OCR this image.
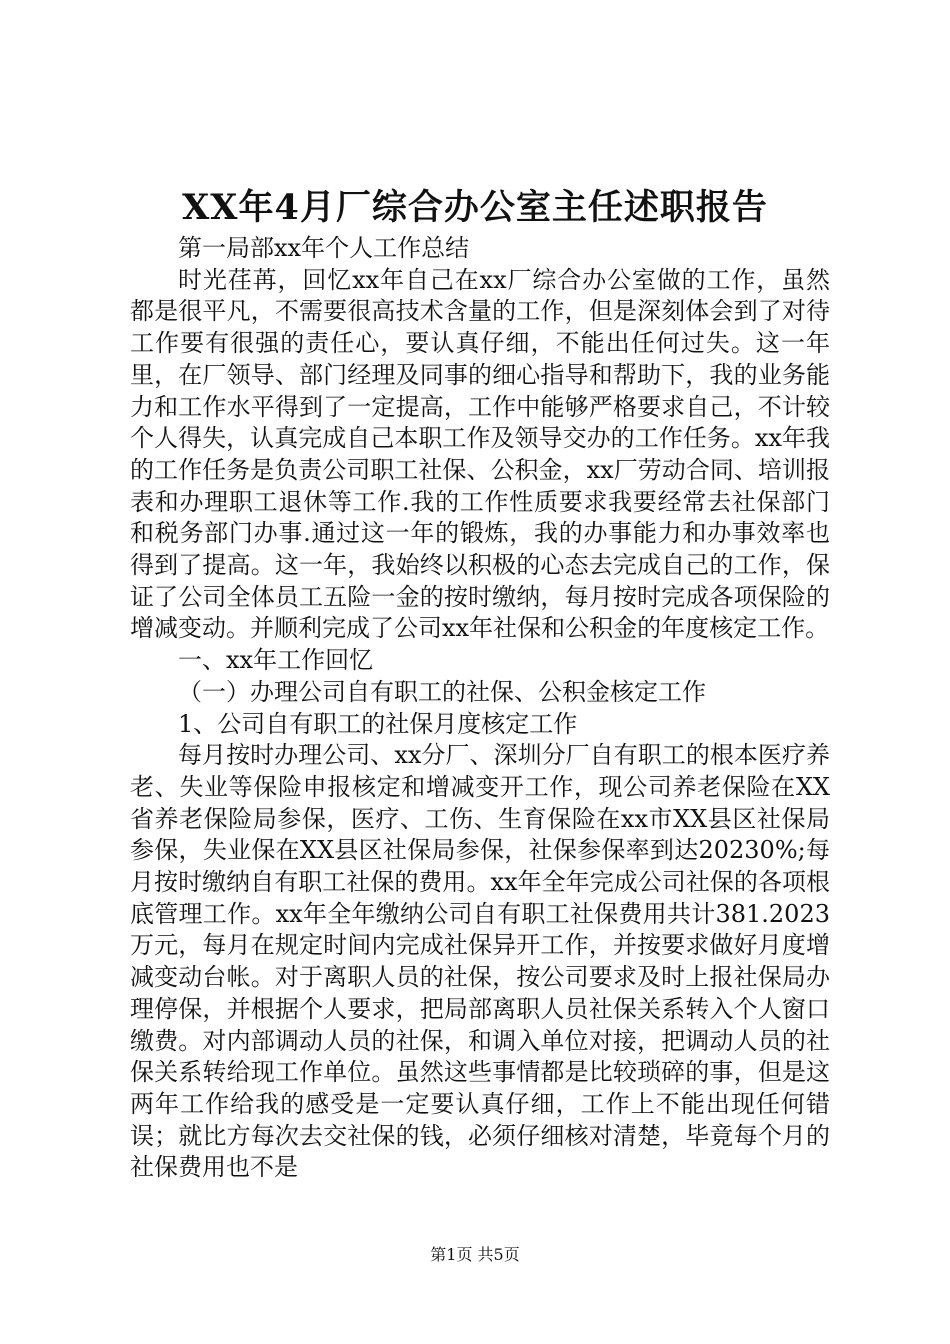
XX年4月厂综合办公室主任述职报告

第一局部xx年个人工作总结

时光荏苒，回忆xx年自己在xx厂综合办公室做的工作，虽然都是很平凡，不需要很高技术含量的工作，但是深刻体会到了对待工作要有很强的责任心，要认真仔细，不能出任何过失。这一年里，在厂领导、部门经理及同事的细心指导和帮助下，我的业务能力和工作水平得到了一定提高，工作中能够严格要求自己，不计较个人得失，认真完成自己本职工作及领导交办的工作任务。xx年我的工作任务是负责公司职工社保、公积金，xx厂劳动合同、培训报表和办理职工退休等工作.我的工作性质要求我要经常去社保部门和税务部门办事.通过这一年的锻炼，我的办事能力和办事效率也得到了提高。这一年，我始终以积极的心态去完成自己的工作，保证了公司全体员工五险一金的按时缴纳，每月按时完成各项保险的增减变动。并顺利完成了公司xx年社保和公积金的年度核定工作。

一、xx年工作回忆

（一）办理公司自有职工的社保、公积金核定工作

1、公司自有职工的社保月度核定工作

每月按时办理公司、xx分厂、深圳分厂自有职工的根本医疗养老、失业等保险申报核定和增减变开工作，现公司养老保险在XX省养老保险局参保，医疗、工伤、生育保险在xx市XX县区社保局参保，失业保在XX县区社保局参保，社保参保率到达20230%;每月按时缴纳自有职工社保的费用。xx年全年完成公司社保的各项根底管理工作。xx年全年缴纳公司自有职工社保费用共计381.2023万元，每月在规定时间内完成社保异开工作，并按要求做好月度增减变动台帐。对于离职人员的社保，按公司要求及时上报社保局办理停保，并根据个人要求，把局部离职人员社保关系转入个人窗口缴费。对内部调动人员的社保，和调入单位对接，把调动人员的社保关系转给现工作单位。虽然这些事情都是比较琐碎的事，但是这两年工作给我的感受是一定要认真仔细，工作上不能出现任何错误；就比方每次去交社保的钱，必须仔细核对清楚，毕竟每个月的社保费用也不是

第1页 共5页
